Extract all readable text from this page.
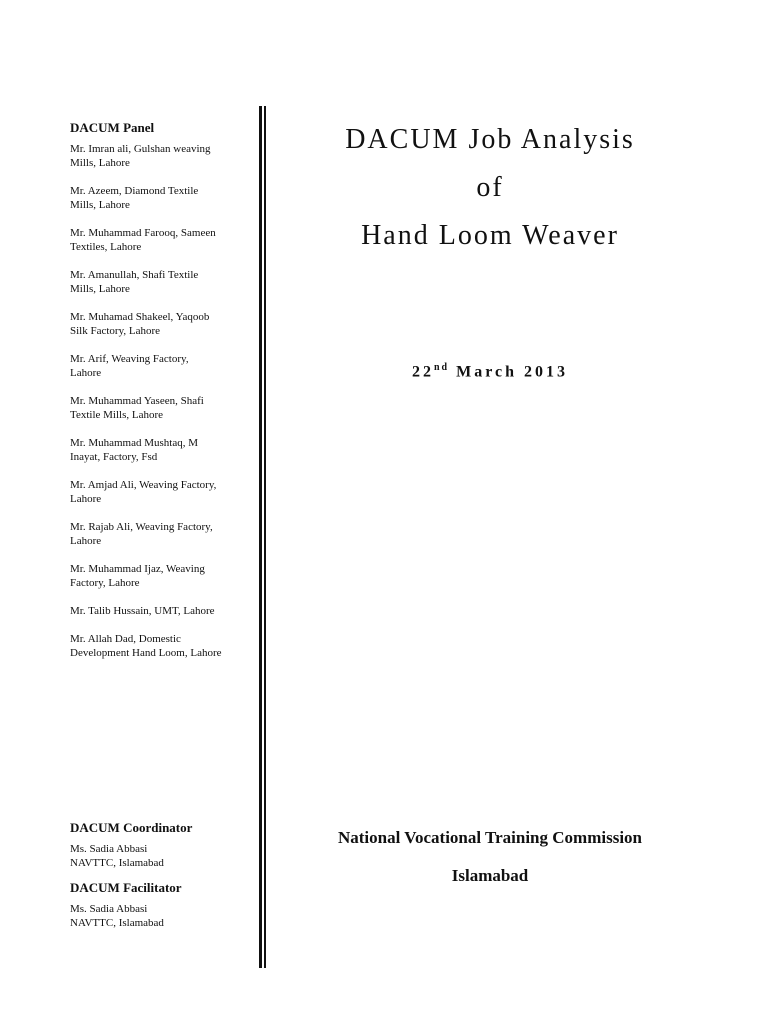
DACUM Panel
Mr. Imran ali, Gulshan weaving
Mills, Lahore
Mr. Azeem, Diamond Textile
Mills, Lahore
Mr. Muhammad Farooq, Sameen
Textiles, Lahore
Mr. Amanullah, Shafi Textile
Mills, Lahore
Mr. Muhamad Shakeel, Yaqoob
Silk Factory, Lahore
Mr. Arif, Weaving Factory,
Lahore
Mr. Muhammad Yaseen, Shafi
Textile Mills, Lahore
Mr. Muhammad Mushtaq, M
Inayat, Factory, Fsd
Mr. Amjad Ali, Weaving Factory,
Lahore
Mr. Rajab Ali, Weaving Factory,
Lahore
Mr. Muhammad Ijaz, Weaving
Factory, Lahore
Mr. Talib Hussain, UMT, Lahore
Mr. Allah Dad, Domestic
Development Hand Loom, Lahore
DACUM Coordinator
Ms. Sadia Abbasi
NAVTTC, Islamabad
DACUM Facilitator
Ms. Sadia Abbasi
NAVTTC, Islamabad

DACUM Job Analysis

of

Hand Loom Weaver

22nd March 2013
National Vocational Training Commission
Islamabad
